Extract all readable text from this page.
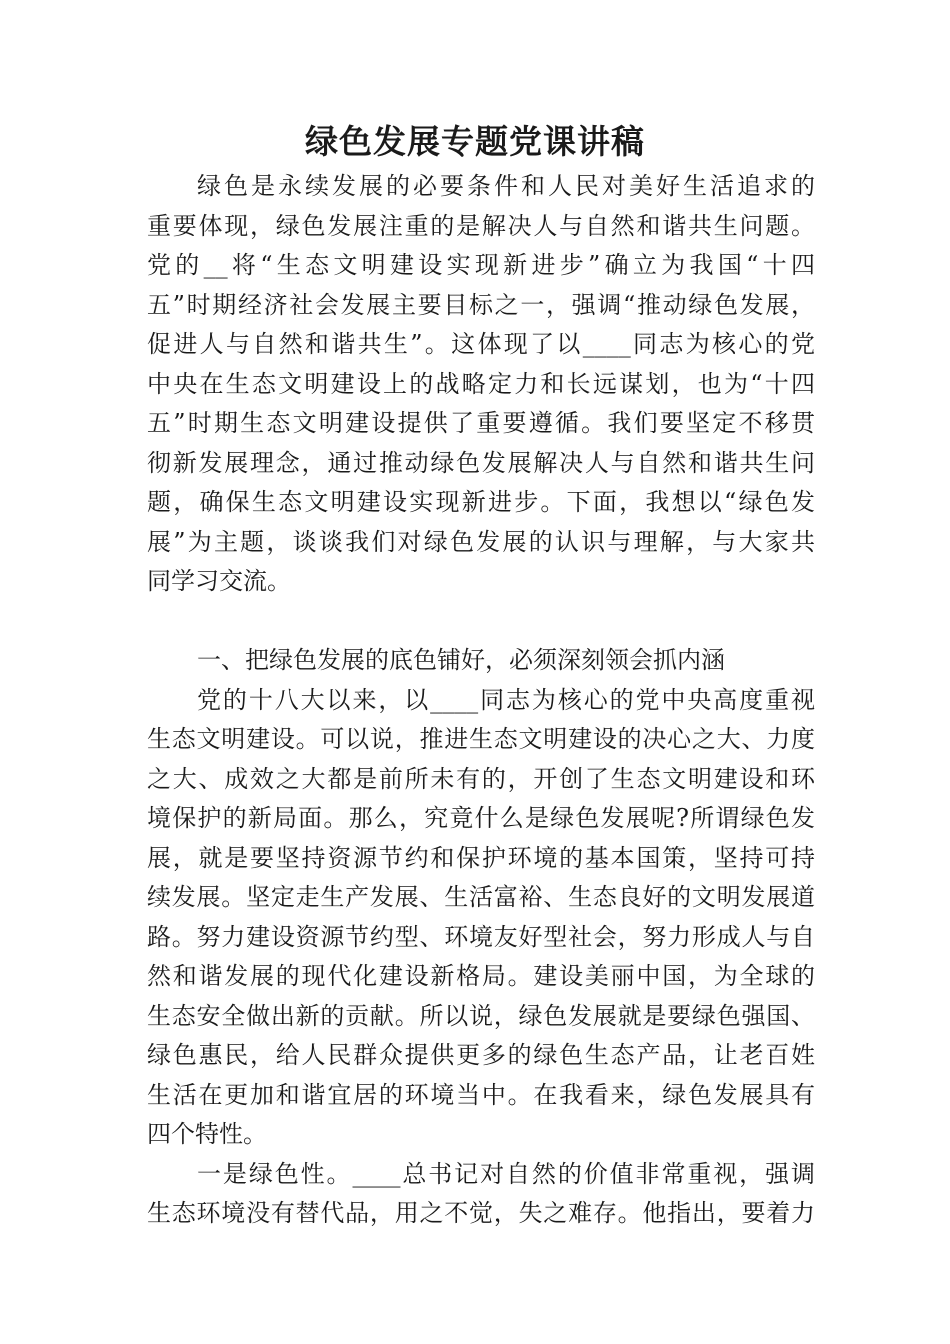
绿色发展专题党课讲稿
绿色是永续发展的必要条件和人民对美好生活追求的
重要体现，绿色发展注重的是解决人与自然和谐共生问题。
党的__将“生态文明建设实现新进步”确立为我国“十四
五”时期经济社会发展主要目标之一，强调“推动绿色发展，
促进人与自然和谐共生”。这体现了以____同志为核心的党
中央在生态文明建设上的战略定力和长远谋划，也为“十四
五”时期生态文明建设提供了重要遵循。我们要坚定不移贯
彻新发展理念，通过推动绿色发展解决人与自然和谐共生问
题，确保生态文明建设实现新进步。下面，我想以“绿色发
展”为主题，谈谈我们对绿色发展的认识与理解，与大家共
同学习交流。
一、把绿色发展的底色铺好，必须深刻领会抓内涵
党的十八大以来，以____同志为核心的党中央高度重视
生态文明建设。可以说，推进生态文明建设的决心之大、力度
之大、成效之大都是前所未有的，开创了生态文明建设和环
境保护的新局面。那么，究竟什么是绿色发展呢?所谓绿色发
展，就是要坚持资源节约和保护环境的基本国策，坚持可持
续发展。坚定走生产发展、生活富裕、生态良好的文明发展道
路。努力建设资源节约型、环境友好型社会，努力形成人与自
然和谐发展的现代化建设新格局。建设美丽中国，为全球的
生态安全做出新的贡献。所以说，绿色发展就是要绿色强国、
绿色惠民，给人民群众提供更多的绿色生态产品，让老百姓
生活在更加和谐宜居的环境当中。在我看来，绿色发展具有
四个特性。
一是绿色性。____总书记对自然的价值非常重视，强调
生态环境没有替代品，用之不觉，失之难存。他指出，要着力
